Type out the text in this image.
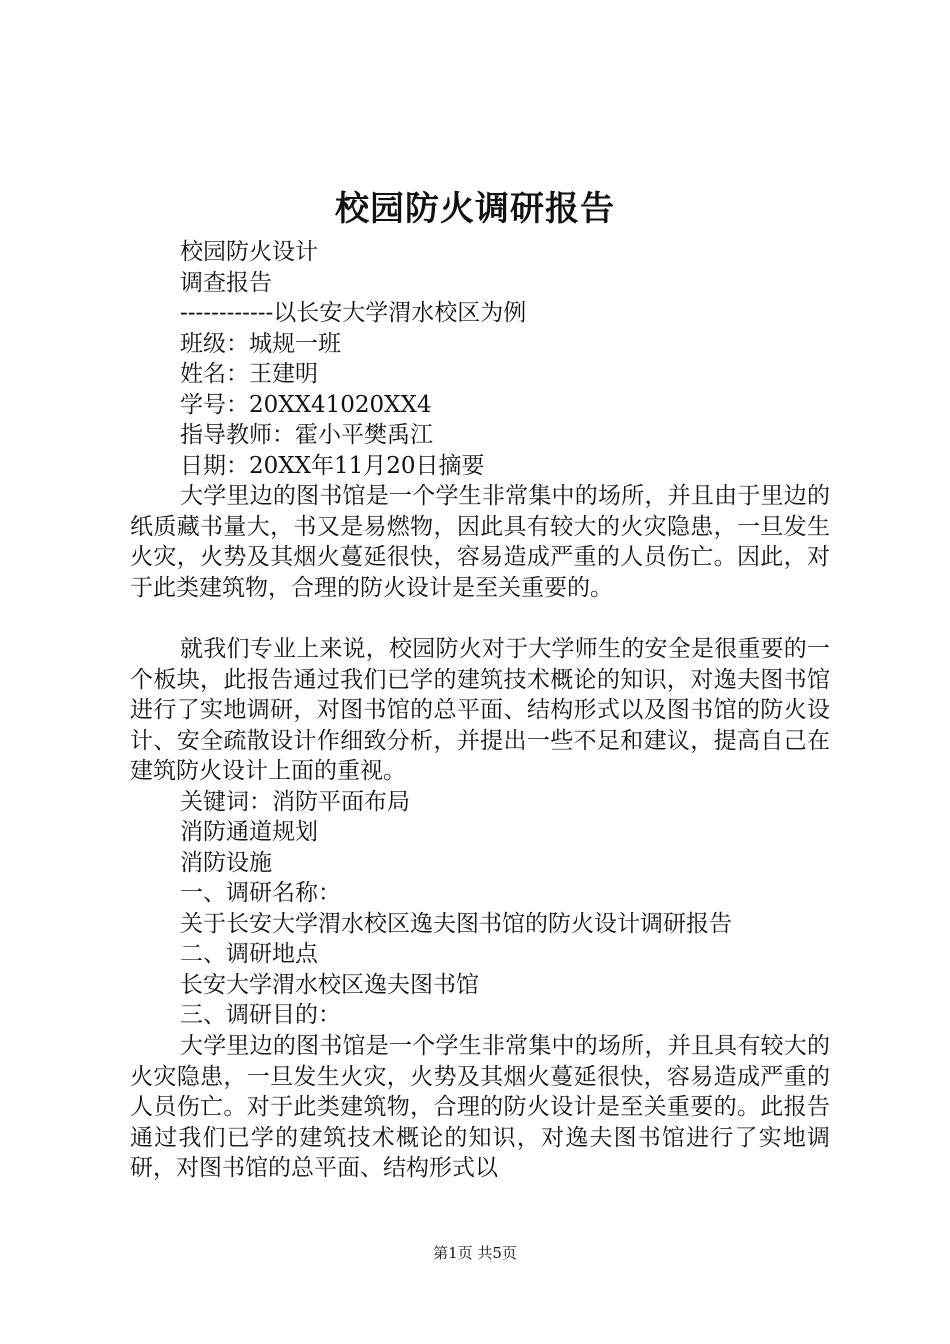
校园防火调研报告
校园防火设计
调查报告
------------以长安大学渭水校区为例
班级：城规一班
姓名：王建明
学号：20XX41020XX4
指导教师：霍小平樊禹江
日期：20XX年11月20日摘要

大学里边的图书馆是一个学生非常集中的场所，并且由于里边的纸质藏书量大，书又是易燃物，因此具有较大的火灾隐患，一旦发生火灾，火势及其烟火蔓延很快，容易造成严重的人员伤亡。因此，对于此类建筑物，合理的防火设计是至关重要的。

就我们专业上来说，校园防火对于大学师生的安全是很重要的一个板块，此报告通过我们已学的建筑技术概论的知识，对逸夫图书馆进行了实地调研，对图书馆的总平面、结构形式以及图书馆的防火设计、安全疏散设计作细致分析，并提出一些不足和建议，提高自己在建筑防火设计上面的重视。

关键词：消防平面布局
消防通道规划
消防设施
一、调研名称：
关于长安大学渭水校区逸夫图书馆的防火设计调研报告
二、调研地点
长安大学渭水校区逸夫图书馆
三、调研目的：

大学里边的图书馆是一个学生非常集中的场所，并且具有较大的火灾隐患，一旦发生火灾，火势及其烟火蔓延很快，容易造成严重的人员伤亡。对于此类建筑物，合理的防火设计是至关重要的。此报告通过我们已学的建筑技术概论的知识，对逸夫图书馆进行了实地调研，对图书馆的总平面、结构形式以

第1页 共5页
